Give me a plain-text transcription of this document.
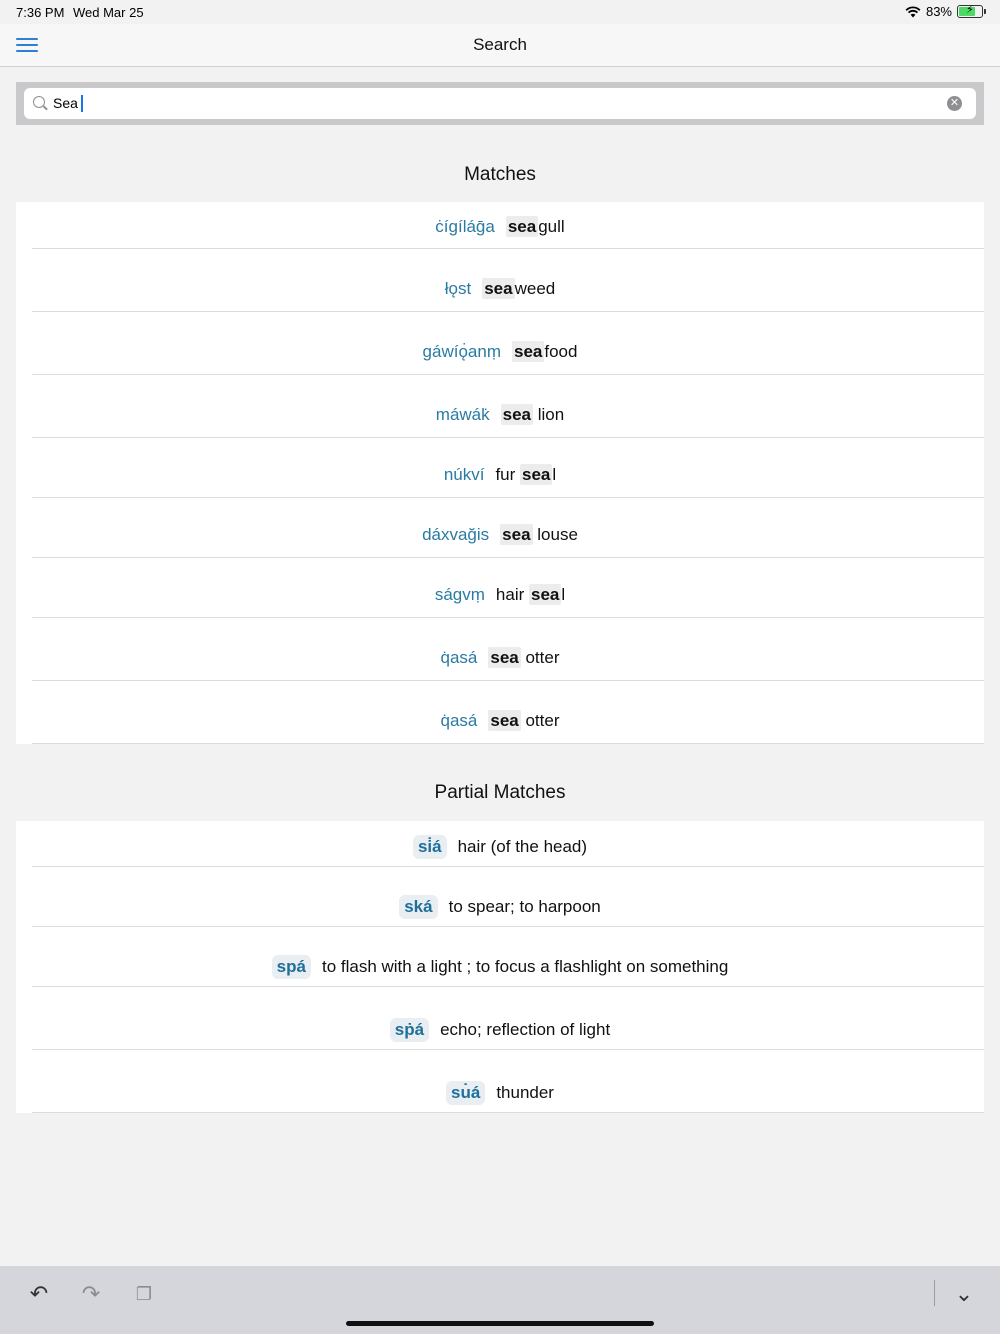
7:36 PM Wed Mar 25	83% ⚡
Search
Sea
✕
Matches
ċígíláḡa sea gull
łǫst sea weed
gáwíǫ̇anṃ sea food
máwák̇ sea lion
núkví fur sea l
dáxvağis sea louse
ságvṃ hair sea l
q̇asá sea otter
q̇asá sea otter
Partial Matches
si̇á hair (of the head)
ská to spear; to harpoon
spá to flash with a light ; to focus a flashlight on something
sṗá echo; reflection of light
su̇á thunder
↶ ↷ ❐	⌄
